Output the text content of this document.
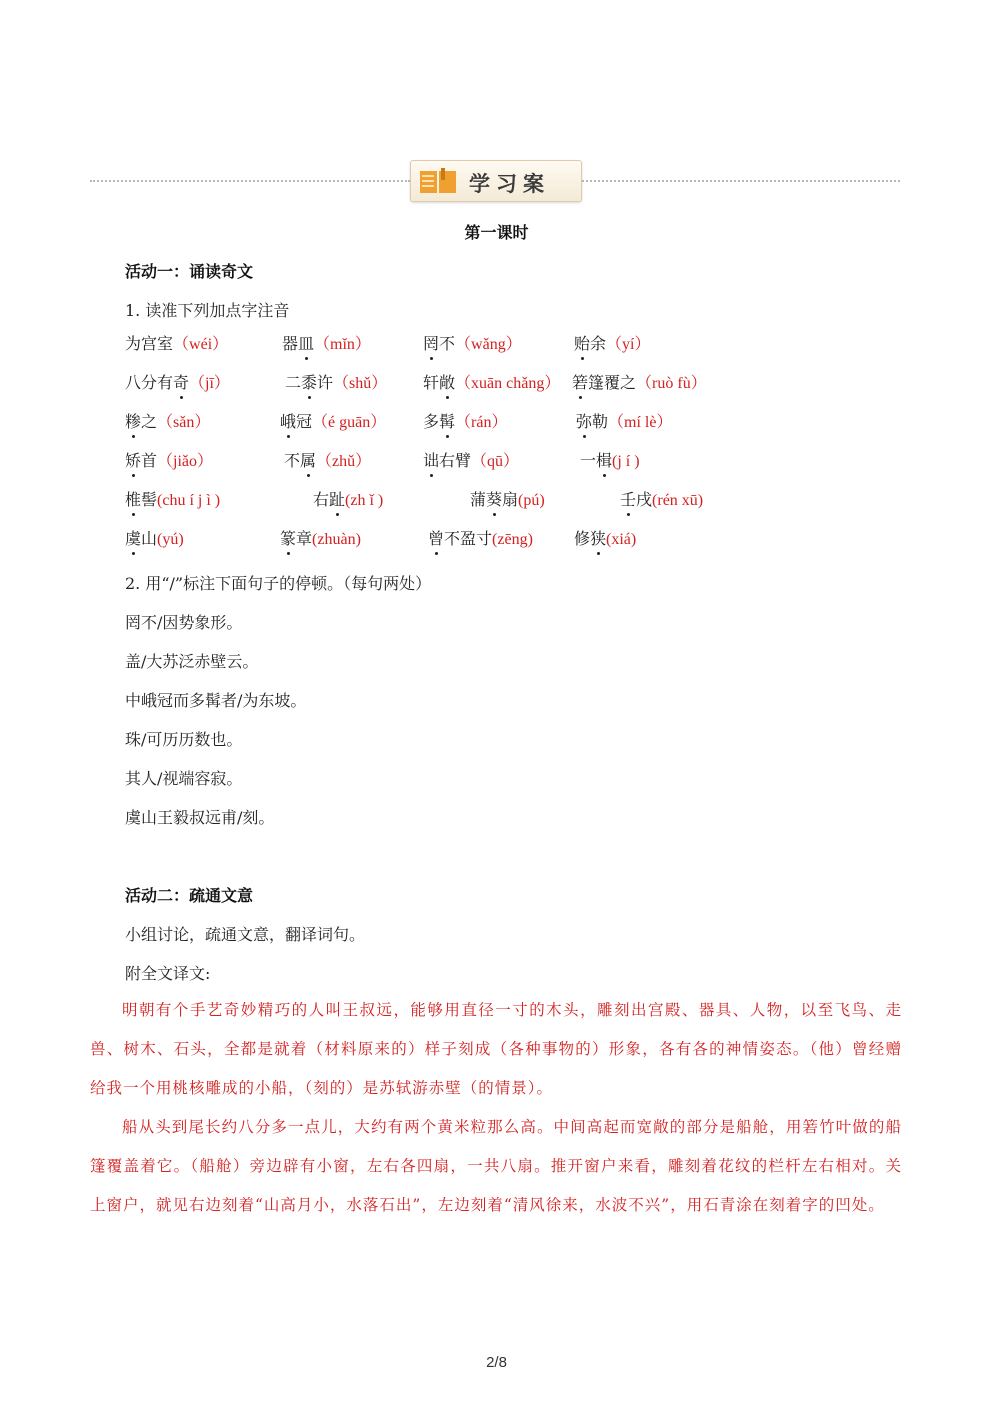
学习案
第一课时
活动一：诵读奇文
1. 读准下列加点字注音
为宫室（wéi）	器皿（mǐn）	罔不（wǎng）	贻余（yí）
八分有奇（jī）	二黍许（shǔ） 轩敞（xuān chǎng） 箬篷覆之（ruò fù）
糁之（sǎn）	峨冠（é guān） 多髯（rán）	弥勒（mí lè）
矫首（jiǎo）	不属（zhǔ）	诎右臂（qū）	一楫(j í )
椎髻(chu í j ì )	右趾(zh ǐ )	蒲葵扇(pú)	壬戌(rén xū)
虞山(yú)	篆章(zhuàn)	曾不盈寸(zēng)	修狭(xiá)
2. 用“/”标注下面句子的停顿。（每句两处）
罔不/因势象形。
盖/大苏泛赤壁云。
中峨冠而多髯者/为东坡。
珠/可历历数也。
其人/视端容寂。
虞山王毅叔远甫/刻。
活动二：疏通文意
小组讨论，疏通文意，翻译词句。
附全文译文:
明朝有个手艺奇妙精巧的人叫王叔远，能够用直径一寸的木头，雕刻出宫殿、器具、人物，以至飞鸟、走兽、树木、石头，全都是就着（材料原来的）样子刻成（各种事物的）形象，各有各的神情姿态。（他）曾经赠给我一个用桃核雕成的小船，（刻的）是苏轼游赤壁（的情景）。
船从头到尾长约八分多一点儿，大约有两个黄米粒那么高。中间高起而宽敞的部分是船舱，用箬竹叶做的船篷覆盖着它。（船舱）旁边辟有小窗，左右各四扇，一共八扇。推开窗户来看，雕刻着花纹的栏杆左右相对。关上窗户，就见右边刻着“山高月小，水落石出”，左边刻着“清风徐来，水波不兴”，用石青涂在刻着字的凹处。
2/8
